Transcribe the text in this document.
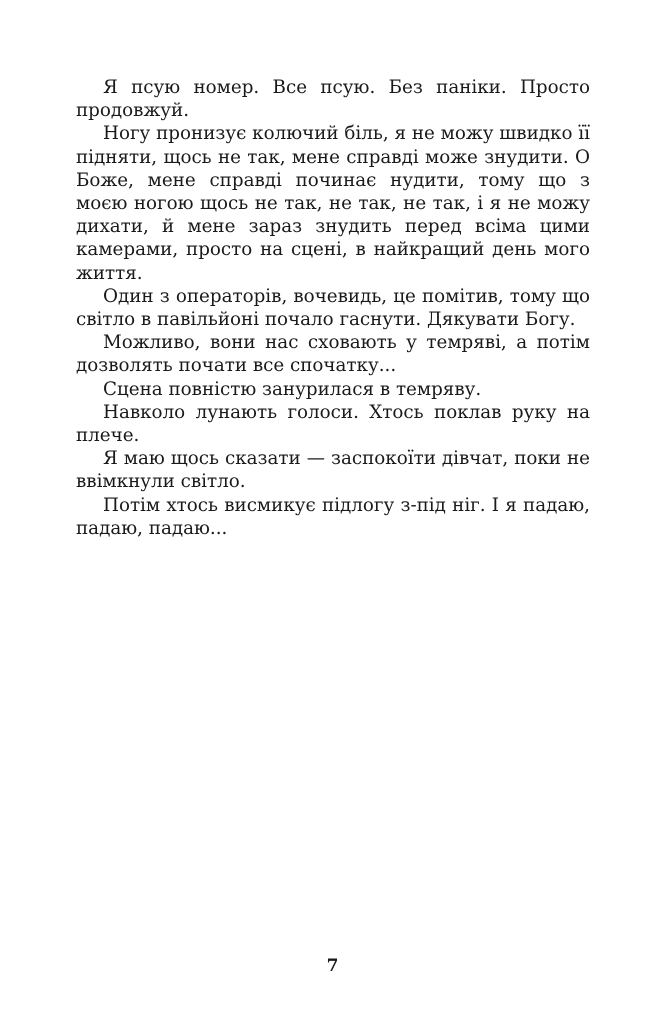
Я псую номер. Все псую. Без паніки. Просто продовжуй.

Ногу пронизує колючий біль, я не можу швидко її підняти, щось не так, мене справді може знудити. О Боже, мене справді починає нудити, тому що з моєю ногою щось не так, не так, не так, і я не можу дихати, й мене зараз знудить перед всіма цими камерами, просто на сцені, в найкращий день мого життя.

Один з операторів, вочевидь, це помітив, тому що світло в павільйоні почало гаснути. Дякувати Богу.

Можливо, вони нас сховають у темряві, а потім дозволять почати все спочатку...

Сцена повністю занурилася в темряву.

Навколо лунають голоси. Хтось поклав руку на плече.

Я маю щось сказати — заспокоїти дівчат, поки не ввімкнули світло.

Потім хтось висмикує підлогу з-під ніг. І я падаю, падаю, падаю...

7
